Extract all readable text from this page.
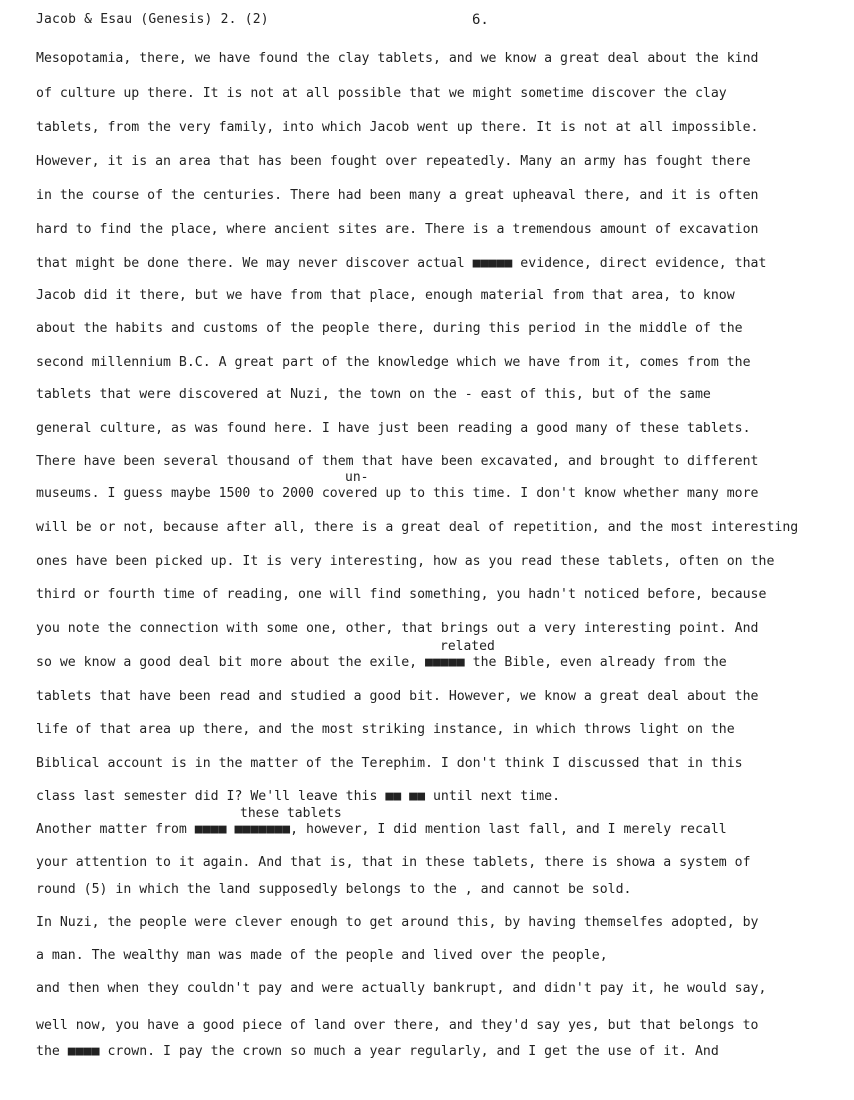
Jacob & Esau (Genesis) 2. (2)	6.
Mesopotamia, there, we have found the clay tablets, and we know a great deal about the kind
of culture up there. It is not at all possible that we might sometime discover the clay
tablets, from the very family, into which Jacob went up there. It is not at all impossible.
However, it is an area that has been fought over repeatedly. Many an army has fought there
in the course of the centuries. There had been many a great upheaval there, and it is often
hard to find the place, where ancient sites are. There is a tremendous amount of excavation
that might be done there. We may never discover actual ■■■■■ evidence, direct evidence, that
Jacob did it there, but we have from that place, enough material from that area, to know
about the habits and customs of the people there, during this period in the middle of the
second millennium B.C. A great part of the knowledge which we have from it, comes from the
tablets that were discovered at Nuzi, the town on the - east of this, but of the same
general culture, as was found here. I have just been reading a good many of these tablets.
There have been several thousand of them that have been excavated, and brought to different
un-
museums. I guess maybe 1500 to 2000 covered up to this time. I don't know whether many more
will be or not, because after all, there is a great deal of repetition, and the most interesting
ones have been picked up. It is very interesting, how as you read these tablets, often on the
third or fourth time of reading, one will find something, you hadn't noticed before, because
you note the connection with some one, other, that brings out a very interesting point. And
related
so we know a good deal bit more about the exile, ■■■■■ the Bible, even already from the
tablets that have been read and studied a good bit. However, we know a great deal about the
life of that area up there, and the most striking instance, in which throws light on the
Biblical account is in the matter of the Terephim. I don't think I discussed that in this
class last semester did I? We'll leave this ■■ ■■ until next time.
these tablets
Another matter from ■■■■ ■■■■■■■, however, I did mention last fall, and I merely recall
your attention to it again. And that is, that in these tablets, there is showa a system of
round (5) in which the land supposedly belongs to the , and cannot be sold.
In Nuzi, the people were clever enough to get around this, by having themselfes adopted, by
a man. The wealthy man was made of the people and lived over the people,
and then when they couldn't pay and were actually bankrupt, and didn't pay it, he would say,
well now, you have a good piece of land over there, and they'd say yes, but that belongs to
the ■■■■ crown. I pay the crown so much a year regularly, and I get the use of it. And
